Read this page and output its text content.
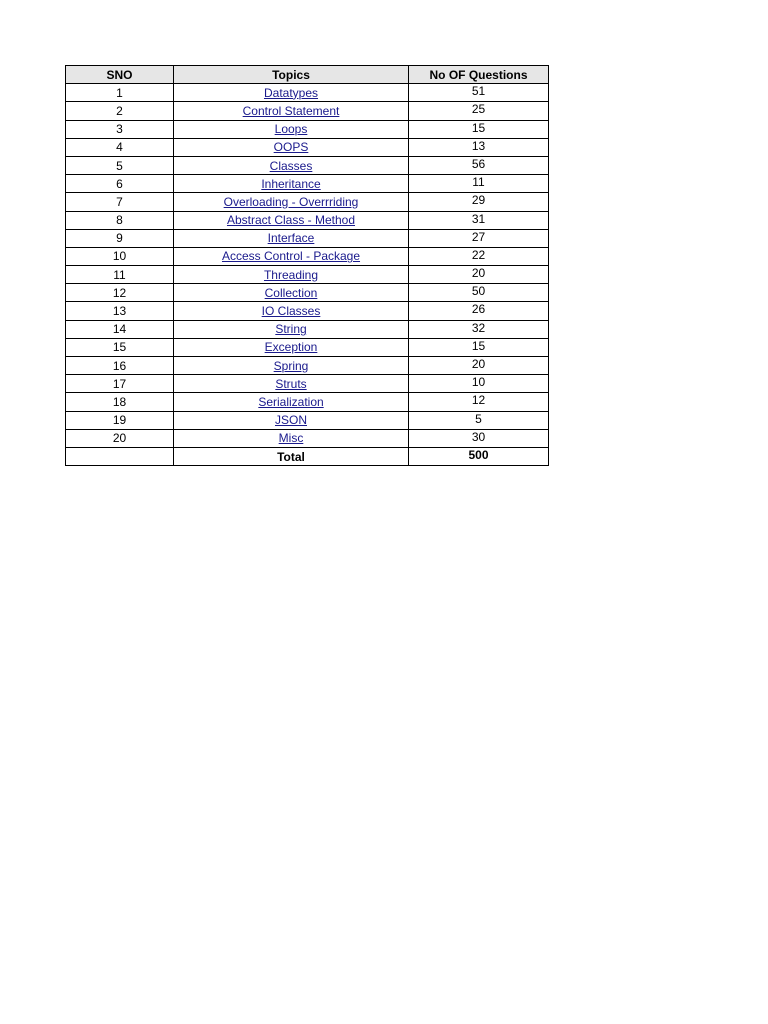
SNO	Topics	No OF Questions
1	Datatypes	51
2	Control Statement	25
3	Loops	15
4	OOPS	13
5	Classes	56
6	Inheritance	11
7	Overloading - Overrriding	29
8	Abstract Class - Method	31
9	Interface	27
10	Access Control - Package	22
11	Threading	20
12	Collection	50
13	IO Classes	26
14	String	32
15	Exception	15
16	Spring	20
17	Struts	10
18	Serialization	12
19	JSON	5
20	Misc	30
	Total	500
